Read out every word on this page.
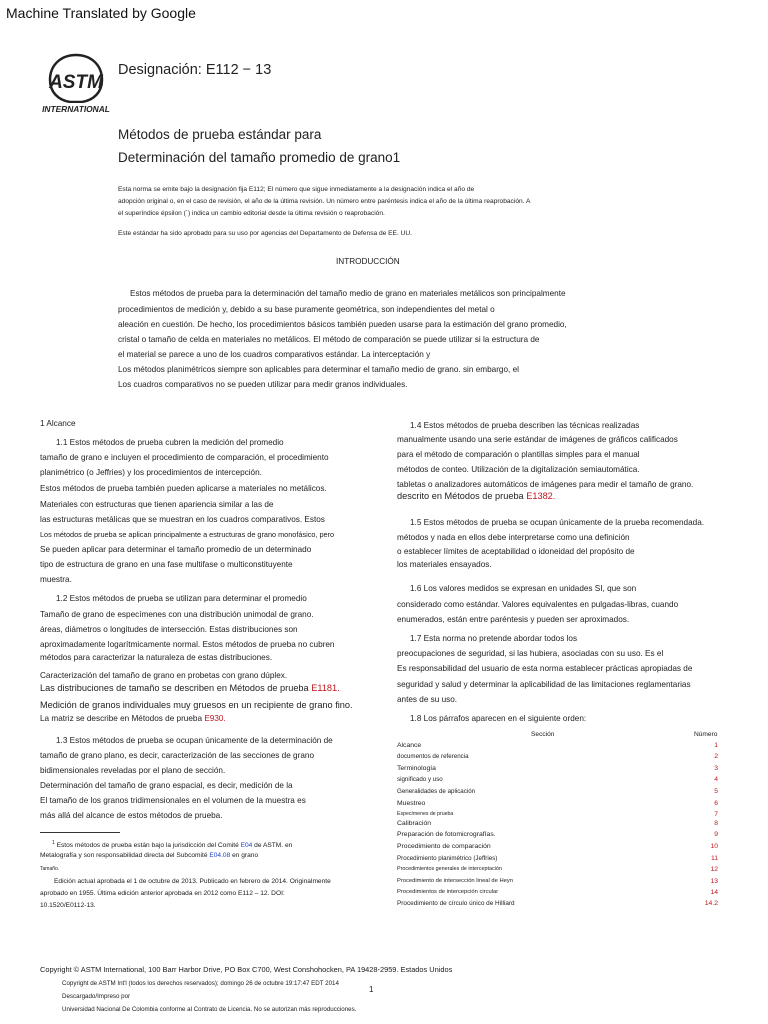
Machine Translated by Google
ASTM
INTERNATIONAL
Designación: E112 − 13
Métodos de prueba estándar para
Determinación del tamaño promedio de grano1
Esta norma se emite bajo la designación fija E112; El número que sigue inmediatamente a la designación indica el año de
adopción original o, en el caso de revisión, el año de la última revisión. Un número entre paréntesis indica el año de la última reaprobación. A
el superíndice épsilon (´) indica un cambio editorial desde la última revisión o reaprobación.
Este estándar ha sido aprobado para su uso por agencias del Departamento de Defensa de EE. UU.
INTRODUCCIÓN
Estos métodos de prueba para la determinación del tamaño medio de grano en materiales metálicos son principalmente
procedimientos de medición y, debido a su base puramente geométrica, son independientes del metal o
aleación en cuestión. De hecho, los procedimientos básicos también pueden usarse para la estimación del grano promedio,
cristal o tamaño de celda en materiales no metálicos. El método de comparación se puede utilizar si la estructura de
el material se parece a uno de los cuadros comparativos estándar. La interceptación y
Los métodos planimétricos siempre son aplicables para determinar el tamaño medio de grano. sin embargo, el
Los cuadros comparativos no se pueden utilizar para medir granos individuales.
1 Alcance
1.1 Estos métodos de prueba cubren la medición del promedio
tamaño de grano e incluyen el procedimiento de comparación, el procedimiento
planimétrico (o Jeffries) y los procedimientos de intercepción.
Estos métodos de prueba también pueden aplicarse a materiales no metálicos.
Materiales con estructuras que tienen apariencia similar a las de
las estructuras metálicas que se muestran en los cuadros comparativos. Estos
Los métodos de prueba se aplican principalmente a estructuras de grano monofásico, pero
Se pueden aplicar para determinar el tamaño promedio de un determinado
tipo de estructura de grano en una fase multifase o multiconstituyente
muestra.
1.2 Estos métodos de prueba se utilizan para determinar el promedio
Tamaño de grano de especímenes con una distribución unimodal de grano.
áreas, diámetros o longitudes de intersección. Estas distribuciones son
aproximadamente logarítmicamente normal. Estos métodos de prueba no cubren
métodos para caracterizar la naturaleza de estas distribuciones.
Caracterización del tamaño de grano en probetas con grano dúplex.
Las distribuciones de tamaño se describen en Métodos de prueba E1181.
Medición de granos individuales muy gruesos en un recipiente de grano fino.
La matriz se describe en Métodos de prueba E930.
1.3 Estos métodos de prueba se ocupan únicamente de la determinación de
tamaño de grano plano, es decir, caracterización de las secciones de grano
bidimensionales reveladas por el plano de sección.
Determinación del tamaño de grano espacial, es decir, medición de la
El tamaño de los granos tridimensionales en el volumen de la muestra es
más allá del alcance de estos métodos de prueba.
$^1$ Estos métodos de prueba están bajo la jurisdicción del Comité E04 de ASTM. en
Metalografía y son responsabilidad directa del Subcomité E04.08 en grano
Tamaño.
Edición actual aprobada el 1 de octubre de 2013. Publicado en febrero de 2014. Originalmente
aprobado en 1955. Última edición anterior aprobada en 2012 como E112 – 12. DOI:
10.1520/E0112-13.
1.4 Estos métodos de prueba describen las técnicas realizadas
manualmente usando una serie estándar de imágenes de gráficos calificados
para el método de comparación o plantillas simples para el manual
métodos de conteo. Utilización de la digitalización semiautomática.
tabletas o analizadores automáticos de imágenes para medir el tamaño de grano.
descrito en Métodos de prueba E1382.
1.5 Estos métodos de prueba se ocupan únicamente de la prueba recomendada.
métodos y nada en ellos debe interpretarse como una definición
o establecer límites de aceptabilidad o idoneidad del propósito de
los materiales ensayados.
1.6 Los valores medidos se expresan en unidades SI, que son
considerado como estándar. Valores equivalentes en pulgadas-libras, cuando
enumerados, están entre paréntesis y pueden ser aproximados.
1.7 Esta norma no pretende abordar todos los
preocupaciones de seguridad, si las hubiera, asociadas con su uso. Es el
Es responsabilidad del usuario de esta norma establecer prácticas apropiadas de
seguridad y salud y determinar la aplicabilidad de las limitaciones reglamentarias
antes de su uso.
1.8 Los párrafos aparecen en el siguiente orden:
Sección	Número
Alcance	1
documentos de referencia	2
Terminología	3
significado y uso	4
Generalidades de aplicación	5
Muestreo	6
Especímenes de prueba	7
Calibración	8
Preparación de fotomicrografías.	9
Procedimiento de comparación	10
Procedimiento planimétrico (Jeffries)	11
Procedimientos generales de interceptación	12
Procedimiento de intersección lineal de Heyn	13
Procedimientos de intercepción circular	14
Procedimiento de círculo único de Hilliard	14.2
Copyright © ASTM International, 100 Barr Harbor Drive, PO Box C700, West Conshohocken, PA 19428-2959. Estados Unidos
Copyright de ASTM Int'l (todos los derechos reservados); domingo 26 de octubre 19:17:47 EDT 2014
1
Descargado/Impreso por
Universidad Nacional De Colombia conforme al Contrato de Licencia. No se autorizan más reproducciones.
